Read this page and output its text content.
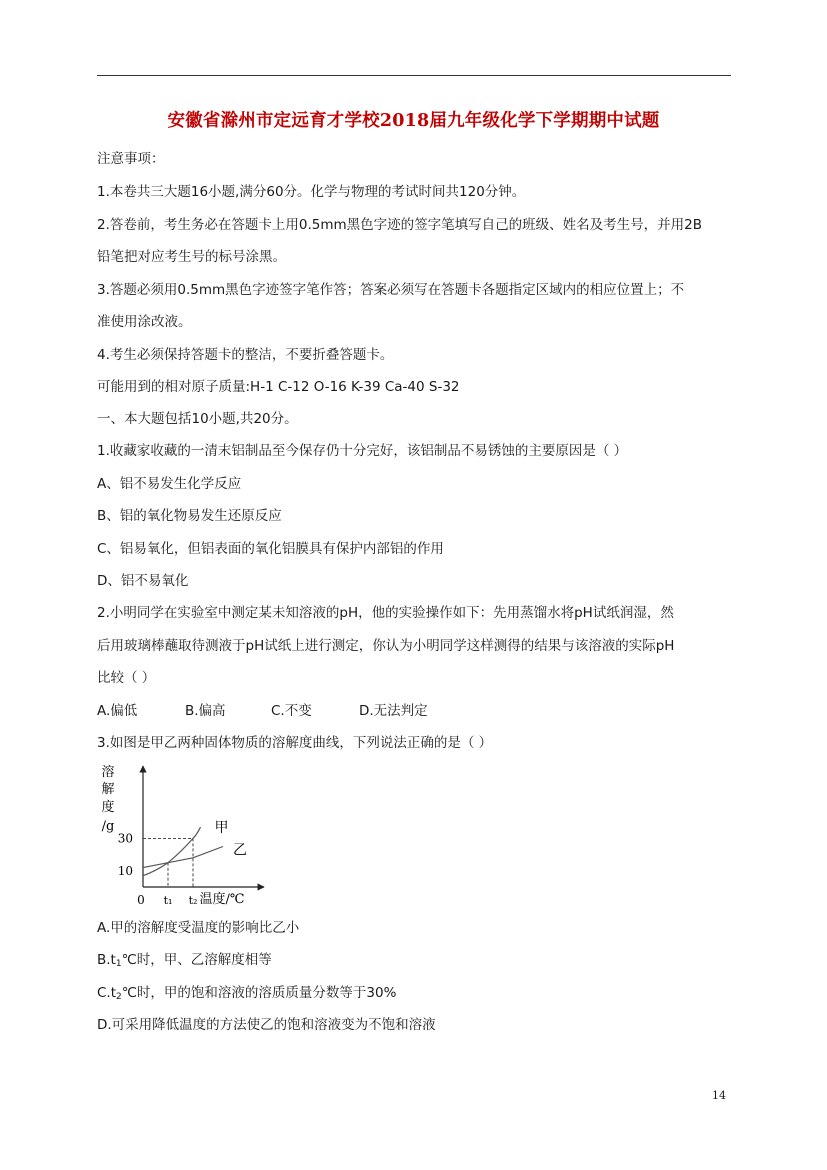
安徽省滁州市定远育才学校2018届九年级化学下学期期中试题
注意事项：
1.本卷共三大题16小题,满分60分。化学与物理的考试时间共120分钟。
2.答卷前，考生务必在答题卡上用0.5mm黑色字迹的签字笔填写自己的班级、姓名及考生号，并用2B
铅笔把对应考生号的标号涂黑。
3.答题必须用0.5mm黑色字迹签字笔作答；答案必须写在答题卡各题指定区域内的相应位置上；不
准使用涂改液。
4.考生必须保持答题卡的整洁，不要折叠答题卡。
可能用到的相对原子质量:H-1 C-12 O-16 K-39 Ca-40 S-32
一、本大题包括10小题,共20分。
1.收藏家收藏的一清末铝制品至今保存仍十分完好，该铝制品不易锈蚀的主要原因是（ ）
A、铝不易发生化学反应
B、铝的氧化物易发生还原反应
C、铝易氧化，但铝表面的氧化铝膜具有保护内部铝的作用
D、铝不易氧化
2.小明同学在实验室中测定某未知溶液的pH，他的实验操作如下：先用蒸馏水将pH试纸润湿，然
后用玻璃棒蘸取待测液于pH试纸上进行测定，你认为小明同学这样测得的结果与该溶液的实际pH
比较（ ）
A.偏低	B.偏高	C.不变	D.无法判定
3.如图是甲乙两种固体物质的溶解度曲线，下列说法正确的是（ ）
溶
解
度
/g
10
30
t₁ t₂
甲
乙
0	温度/℃
A.甲的溶解度受温度的影响比乙小
$B.t_1℃$时，甲、乙溶解度相等
$C.t_2℃$时，甲的饱和溶液的溶质质量分数等于30%
D.可采用降低温度的方法使乙的饱和溶液变为不饱和溶液
14
